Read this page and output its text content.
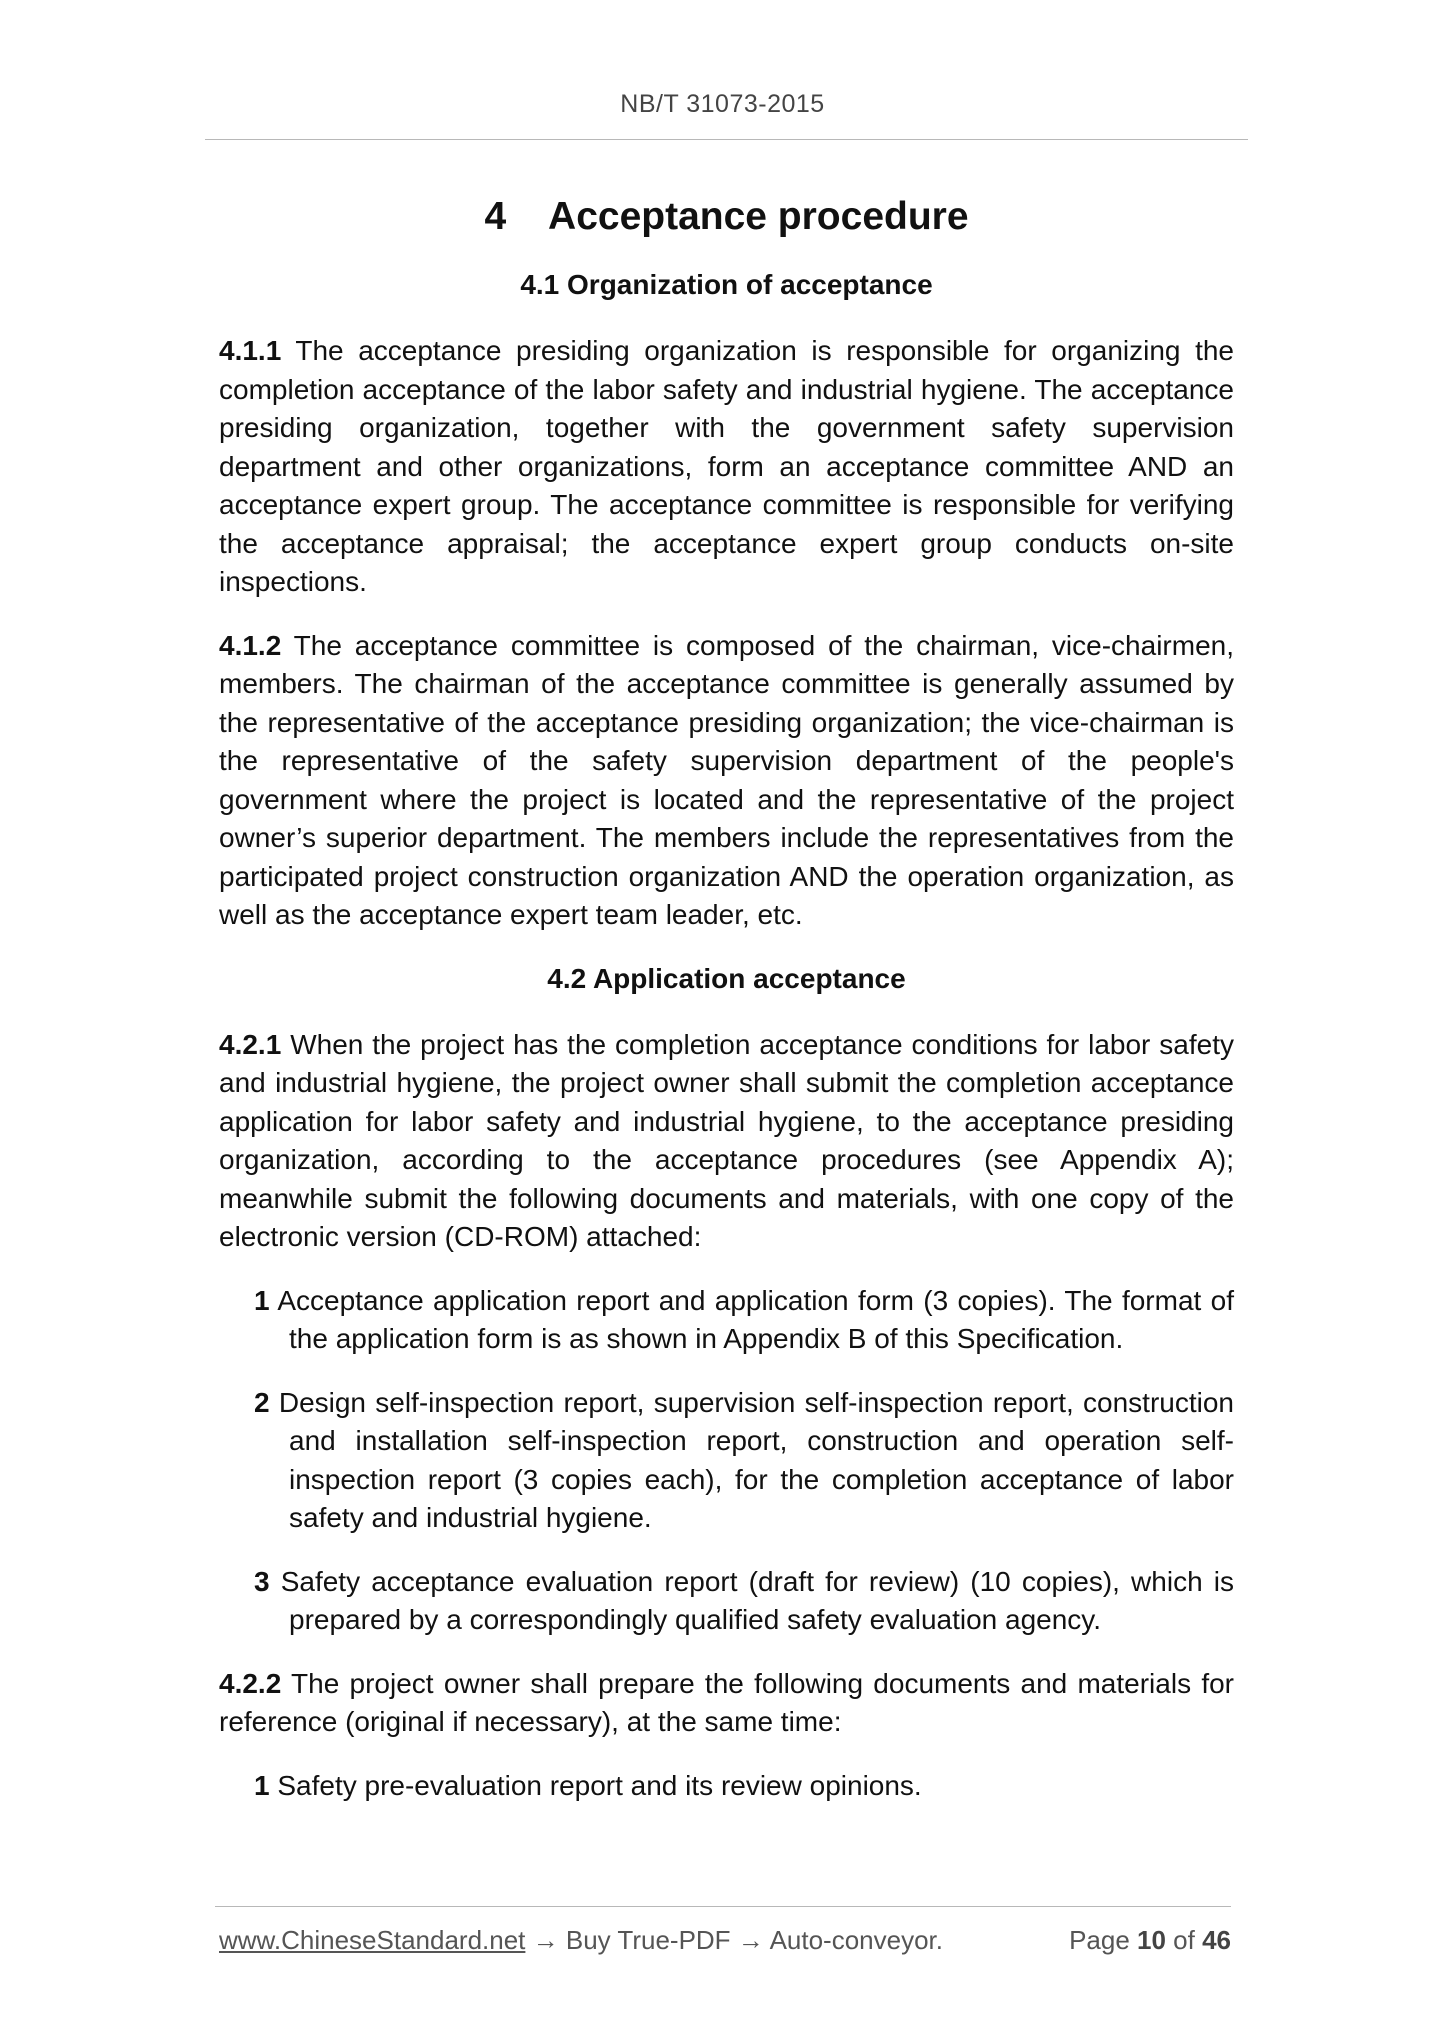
NB/T 31073-2015
4    Acceptance procedure
4.1 Organization of acceptance

4.1.1 The acceptance presiding organization is responsible for organizing the completion acceptance of the labor safety and industrial hygiene. The acceptance presiding organization, together with the government safety supervision department and other organizations, form an acceptance committee AND an acceptance expert group. The acceptance committee is responsible for verifying the acceptance appraisal; the acceptance expert group conducts on-site inspections.

4.1.2 The acceptance committee is composed of the chairman, vice-chairmen, members. The chairman of the acceptance committee is generally assumed by the representative of the acceptance presiding organization; the vice-chairman is the representative of the safety supervision department of the people's government where the project is located and the representative of the project owner’s superior department. The members include the representatives from the participated project construction organization AND the operation organization, as well as the acceptance expert team leader, etc.

4.2 Application acceptance

4.2.1 When the project has the completion acceptance conditions for labor safety and industrial hygiene, the project owner shall submit the completion acceptance application for labor safety and industrial hygiene, to the acceptance presiding organization, according to the acceptance procedures (see Appendix A); meanwhile submit the following documents and materials, with one copy of the electronic version (CD-ROM) attached:

1 Acceptance application report and application form (3 copies). The format of the application form is as shown in Appendix B of this Specification.

2 Design self-inspection report, supervision self-inspection report, construction and installation self-inspection report, construction and operation self-inspection report (3 copies each), for the completion acceptance of labor safety and industrial hygiene.

3 Safety acceptance evaluation report (draft for review) (10 copies), which is prepared by a correspondingly qualified safety evaluation agency.

4.2.2 The project owner shall prepare the following documents and materials for reference (original if necessary), at the same time:

1 Safety pre-evaluation report and its review opinions.

www.ChineseStandard.net → Buy True-PDF → Auto-conveyor.	Page 10 of 46
